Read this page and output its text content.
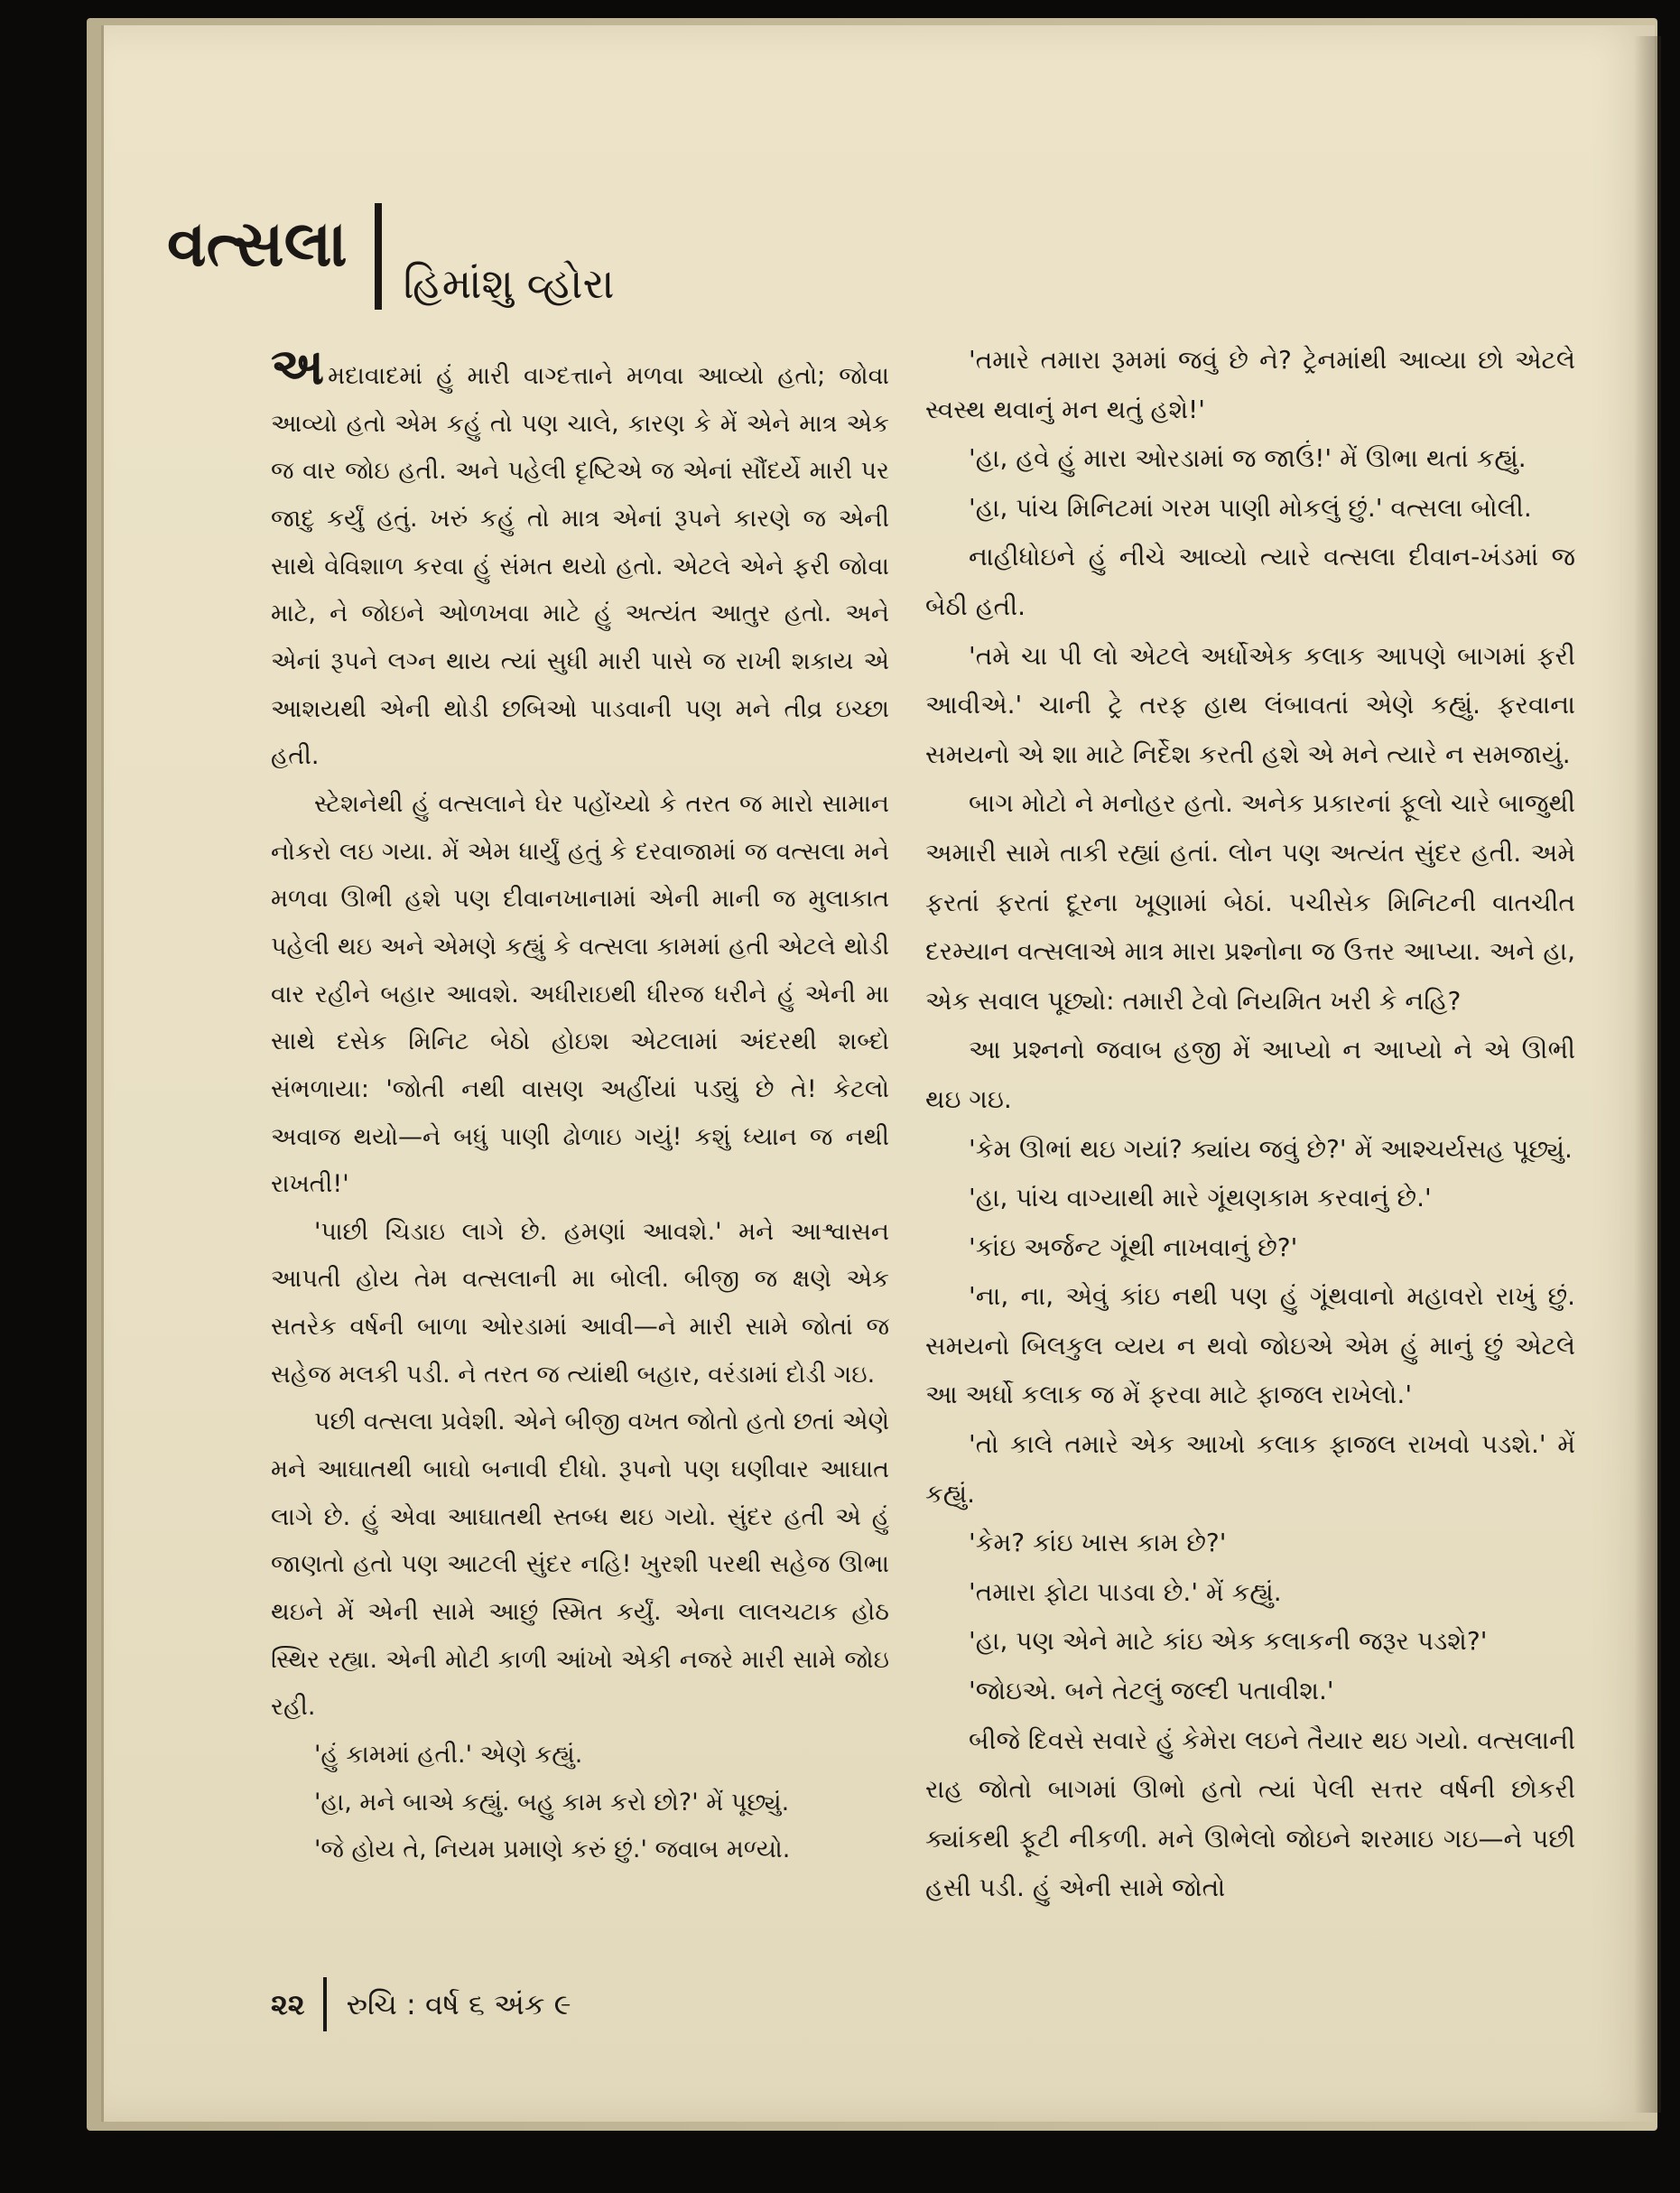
વત્સલા
હિમાંશુ વ્હોરા

અમદાવાદમાં હું મારી વાગ્દત્તાને મળવા આવ્યો હતો; જોવા આવ્યો હતો એમ કહું તો પણ ચાલે, કારણ કે મેં એને માત્ર એક જ વાર જોઇ હતી. અને પહેલી દૃષ્ટિએ જ એનાં સૌંદર્યે મારી પર જાદુ કર્યું હતું. ખરું કહું તો માત્ર એનાં રૂપને કારણે જ એની સાથે વેવિશાળ કરવા હું સંમત થયો હતો. એટલે એને ફરી જોવા માટે, ને જોઇને ઓળખવા માટે હું અત્યંત આતુર હતો. અને એનાં રૂપને લગ્ન થાય ત્યાં સુધી મારી પાસે જ રાખી શકાય એ આશયથી એની થોડી છબિઓ પાડવાની પણ મને તીવ્ર ઇચ્છા હતી.

સ્ટેશનેથી હું વત્સલાને ઘેર પહોંચ્યો કે તરત જ મારો સામાન નોકરો લઇ ગયા. મેં એમ ધાર્યું હતું કે દરવાજામાં જ વત્સલા મને મળવા ઊભી હશે પણ દીવાનખાનામાં એની માની જ મુલાકાત પહેલી થઇ અને એમણે કહ્યું કે વત્સલા કામમાં હતી એટલે થોડી વાર રહીને બહાર આવશે. અધીરાઇથી ધીરજ ધરીને હું એની મા સાથે દસેક મિનિટ બેઠો હોઇશ એટલામાં અંદરથી શબ્દો સંભળાયા: 'જોતી નથી વાસણ અહીંયાં પડ્યું છે તે! કેટલો અવાજ થયો—ને બધું પાણી ઢોળાઇ ગયું! કશું ધ્યાન જ નથી રાખતી!'

'પાછી ચિડાઇ લાગે છે. હમણાં આવશે.' મને આશ્વાસન આપતી હોય તેમ વત્સલાની મા બોલી. બીજી જ ક્ષણે એક સતરેક વર્ષની બાળા ઓરડામાં આવી—ને મારી સામે જોતાં જ સહેજ મલકી પડી. ને તરત જ ત્યાંથી બહાર, વરંડામાં દોડી ગઇ.

પછી વત્સલા પ્રવેશી. એને બીજી વખત જોતો હતો છતાં એણે મને આઘાતથી બાઘો બનાવી દીધો. રૂપનો પણ ઘણીવાર આઘાત લાગે છે. હું એવા આઘાતથી સ્તબ્ધ થઇ ગયો. સુંદર હતી એ હું જાણતો હતો પણ આટલી સુંદર નહિ! ખુરશી પરથી સહેજ ઊભા થઇને મેં એની સામે આછું સ્મિત કર્યું. એના લાલચટાક હોઠ સ્થિર રહ્યા. એની મોટી કાળી આંખો એકી નજરે મારી સામે જોઇ રહી.

'હું કામમાં હતી.' એણે કહ્યું.

'હા, મને બાએ કહ્યું. બહુ કામ કરો છો?' મેં પૂછ્યું.

'જે હોય તે, નિયમ પ્રમાણે કરું છું.' જવાબ મળ્યો.

'તમારે તમારા રૂમમાં જવું છે ને? ટ્રેનમાંથી આવ્યા છો એટલે સ્વસ્થ થવાનું મન થતું હશે!'

'હા, હવે હું મારા ઓરડામાં જ જાઉં!' મેં ઊભા થતાં કહ્યું.

'હા, પાંચ મિનિટમાં ગરમ પાણી મોકલું છું.' વત્સલા બોલી.

નાહીધોઇને હું નીચે આવ્યો ત્યારે વત્સલા દીવાન-ખંડમાં જ બેઠી હતી.

'તમે ચા પી લો એટલે અર્ધોએક કલાક આપણે બાગમાં ફરી આવીએ.' ચાની ટ્રે તરફ હાથ લંબાવતાં એણે કહ્યું. ફરવાના સમયનો એ શા માટે નિર્દેશ કરતી હશે એ મને ત્યારે ન સમજાયું.

બાગ મોટો ને મનોહર હતો. અનેક પ્રકારનાં ફૂલો ચારે બાજુથી અમારી સામે તાકી રહ્યાં હતાં. લોન પણ અત્યંત સુંદર હતી. અમે ફરતાં ફરતાં દૂરના ખૂણામાં બેઠાં. પચીસેક મિનિટની વાતચીત દરમ્યાન વત્સલાએ માત્ર મારા પ્રશ્નોના જ ઉત્તર આપ્યા. અને હા, એક સવાલ પૂછ્યો: તમારી ટેવો નિયમિત ખરી કે નહિ?

આ પ્રશ્નનો જવાબ હજી મેં આપ્યો ન આપ્યો ને એ ઊભી થઇ ગઇ.

'કેમ ઊભાં થઇ ગયાં? ક્યાંય જવું છે?' મેં આશ્ચર્યસહ પૂછ્યું.

'હા, પાંચ વાગ્યાથી મારે ગૂંથણકામ કરવાનું છે.'

'કાંઇ અર્જન્ટ ગૂંથી નાખવાનું છે?'

'ના, ના, એવું કાંઇ નથી પણ હું ગૂંથવાનો મહાવરો રાખું છું. સમયનો બિલકુલ વ્યય ન થવો જોઇએ એમ હું માનું છું એટલે આ અર્ધો કલાક જ મેં ફરવા માટે ફાજલ રાખેલો.'

'તો કાલે તમારે એક આખો કલાક ફાજલ રાખવો પડશે.' મેં કહ્યું.

'કેમ? કાંઇ ખાસ કામ છે?'

'તમારા ફોટા પાડવા છે.' મેં કહ્યું.

'હા, પણ એને માટે કાંઇ એક કલાકની જરૂર પડશે?'

'જોઇએ. બને તેટલું જલ્દી પતાવીશ.'

બીજે દિવસે સવારે હું કેમેરા લઇને તૈયાર થઇ ગયો. વત્સલાની રાહ જોતો બાગમાં ઊભો હતો ત્યાં પેલી સત્તર વર્ષની છોકરી ક્યાંકથી ફૂટી નીકળી. મને ઊભેલો જોઇને શરમાઇ ગઇ—ને પછી હસી પડી. હું એની સામે જોતો

૨૨ રુચિ : વર્ષ ૬ અંક ૯
